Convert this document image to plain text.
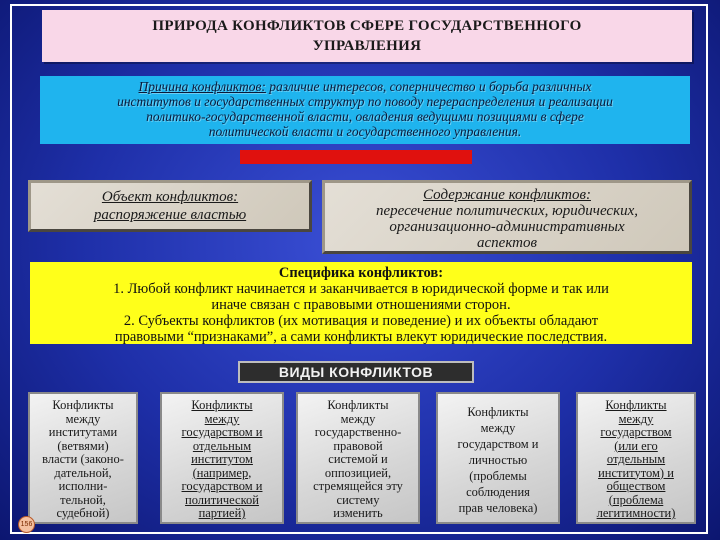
ПРИРОДА КОНФЛИКТОВ СФЕРЕ ГОСУДАРСТВЕННОГО
УПРАВЛЕНИЯ
Причина конфликтов: различие интересов, соперничество и борьба различных
институтов и государственных структур по поводу перераспределения и реализации
политико-государственной власти, овладения ведущими позициями в сфере
политической власти и государственного управления.
Объект конфликтов:
распоряжение властью
Содержание конфликтов:
пересечение политических, юридических,
организационно-административных
аспектов
Специфика конфликтов:
1. Любой конфликт начинается и заканчивается в юридической форме и так или
иначе связан с правовыми отношениями сторон.
2. Субъекты конфликтов (их мотивация и поведение) и их объекты обладают
правовыми “признаками”, а сами конфликты влекут юридические последствия.
ВИДЫ КОНФЛИКТОВ
Конфликты
между
институтами
(ветвями)
власти (законо-
дательной,
исполни-
тельной,
судебной)
Конфликты
между
государством и
отдельным
институтом
(например,
государством и
политической
партией)
Конфликты
между
государственно-
правовой
системой и
оппозицией,
стремящейся эту
систему
изменить
Конфликты
между
государством и
личностью
(проблемы
соблюдения
прав человека)
Конфликты
между
государством
(или его
отдельным
институтом) и
обществом
(проблема
легитимности)
156
